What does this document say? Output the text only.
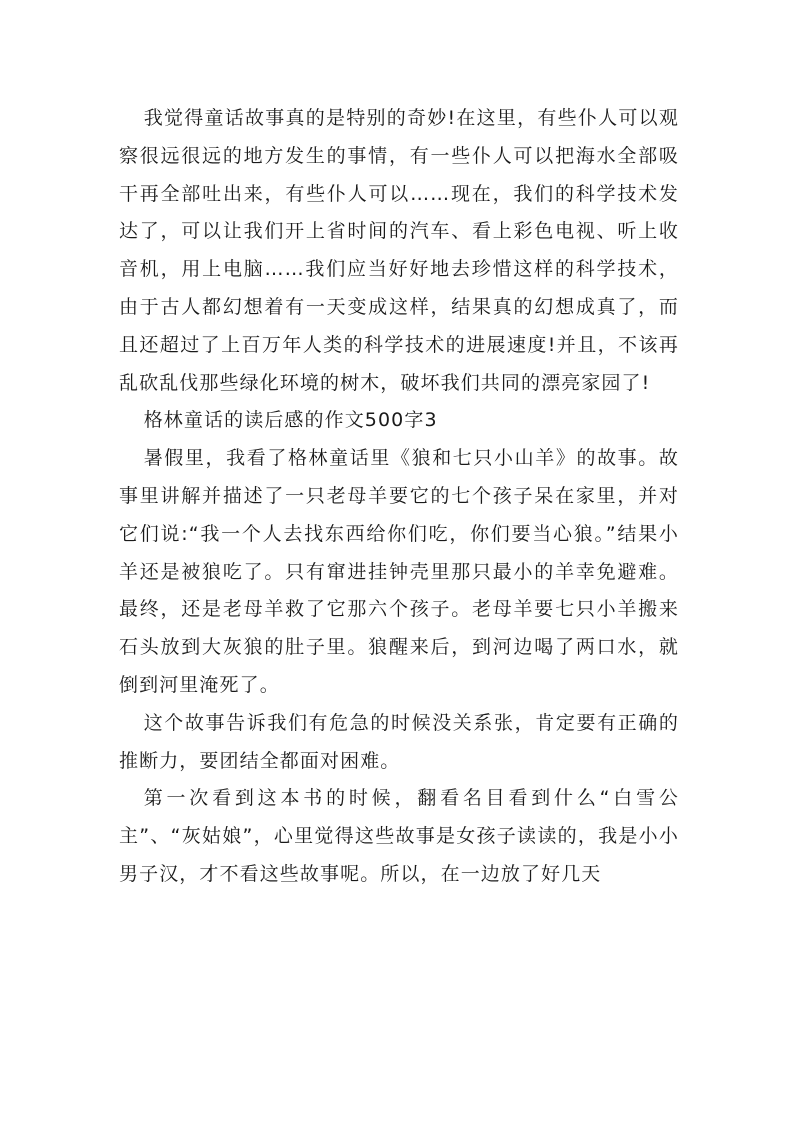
我觉得童话故事真的是特别的奇妙!在这里，有些仆人可以观察很远很远的地方发生的事情，有一些仆人可以把海水全部吸干再全部吐出来，有些仆人可以……现在，我们的科学技术发达了，可以让我们开上省时间的汽车、看上彩色电视、听上收音机，用上电脑……我们应当好好地去珍惜这样的科学技术，由于古人都幻想着有一天变成这样，结果真的幻想成真了，而且还超过了上百万年人类的科学技术的进展速度!并且，不该再乱砍乱伐那些绿化环境的树木，破坏我们共同的漂亮家园了!

格林童话的读后感的作文500字3

暑假里，我看了格林童话里《狼和七只小山羊》的故事。故事里讲解并描述了一只老母羊要它的七个孩子呆在家里，并对它们说:“我一个人去找东西给你们吃，你们要当心狼。”结果小羊还是被狼吃了。只有窜进挂钟壳里那只最小的羊幸免避难。最终，还是老母羊救了它那六个孩子。老母羊要七只小羊搬来石头放到大灰狼的肚子里。狼醒来后，到河边喝了两口水，就倒到河里淹死了。

这个故事告诉我们有危急的时候没关系张，肯定要有正确的推断力，要团结全都面对困难。

第一次看到这本书的时候，翻看名目看到什么“白雪公主”、“灰姑娘”，心里觉得这些故事是女孩子读读的，我是小小男子汉，才不看这些故事呢。所以，在一边放了好几天
